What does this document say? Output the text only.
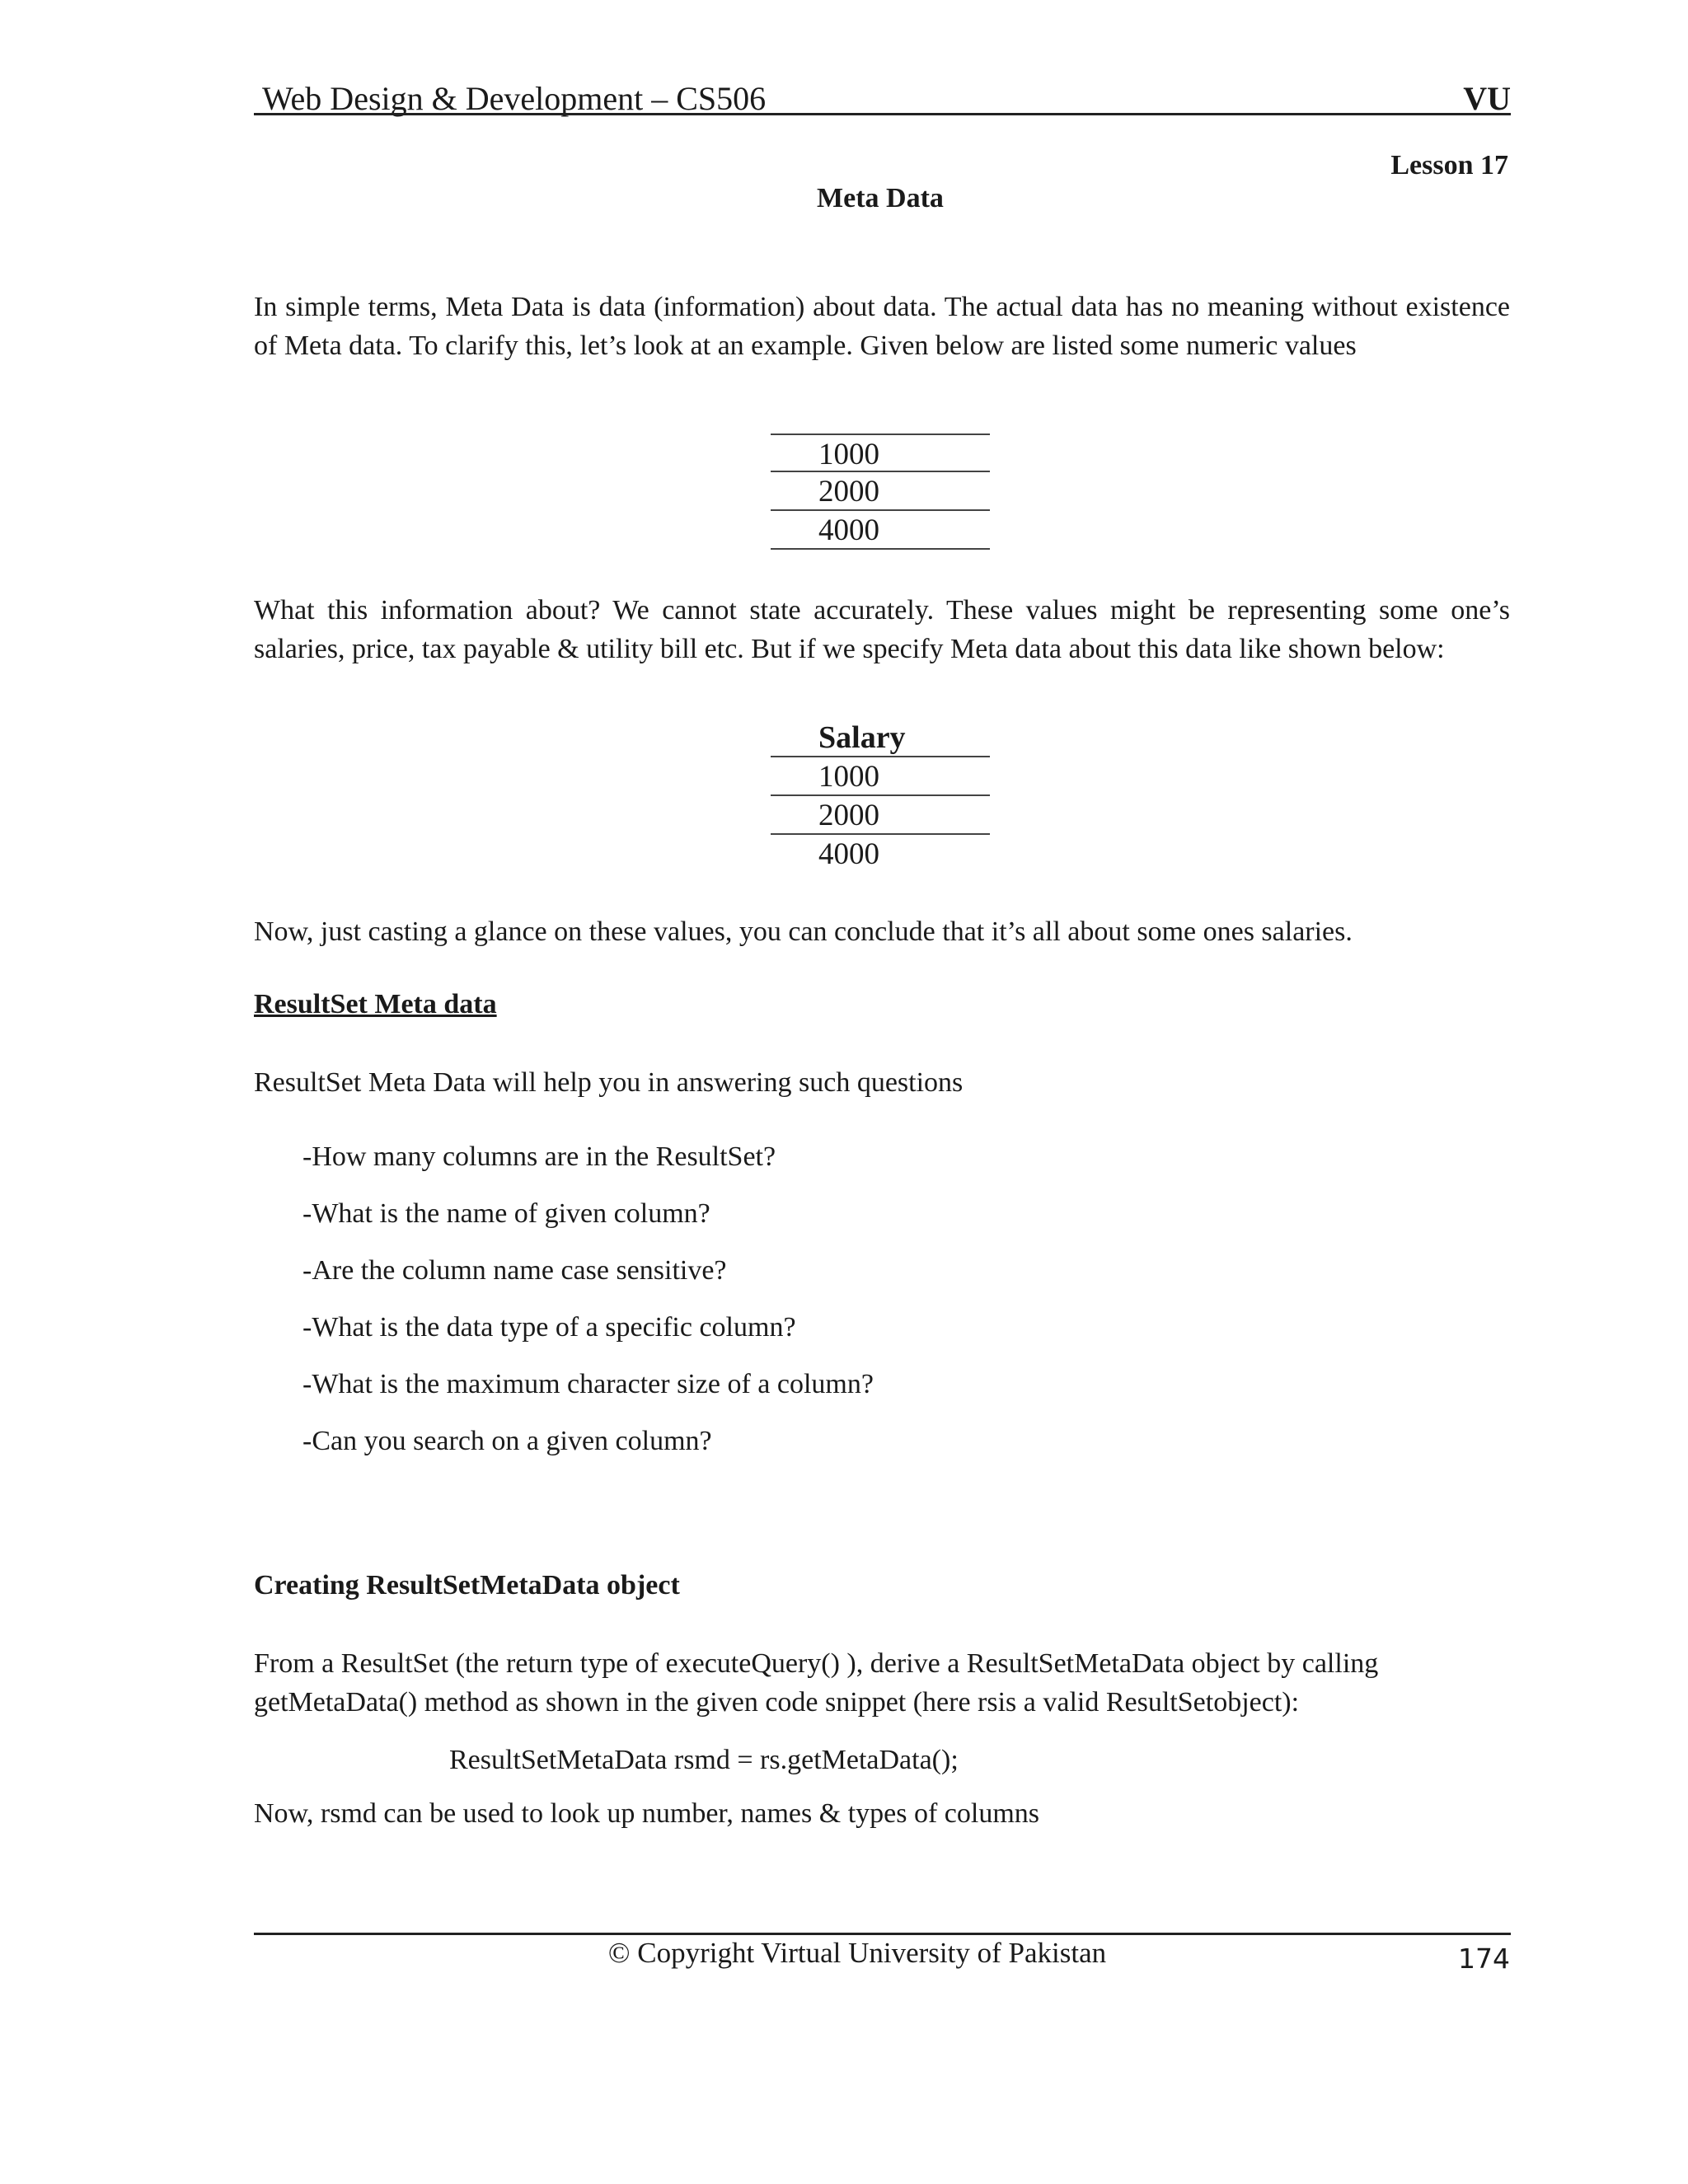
Web Design & Development – CS506	VU
Lesson 17
Meta Data
In simple terms, Meta Data is data (information) about data. The actual data has no meaning without existence of Meta data. To clarify this, let’s look at an example. Given below are listed some numeric values
1000
2000
4000
What this information about? We cannot state accurately. These values might be representing some one’s salaries, price, tax payable & utility bill etc. But if we specify Meta data about this data like shown below:
Salary
1000
2000
4000
Now, just casting a glance on these values, you can conclude that it’s all about some ones salaries.
ResultSet Meta data
ResultSet Meta Data will help you in answering such questions
-How many columns are in the ResultSet?
-What is the name of given column?
-Are the column name case sensitive?
-What is the data type of a specific column?
-What is the maximum character size of a column?
-Can you search on a given column?
Creating ResultSetMetaData object
From a ResultSet (the return type of executeQuery() ), derive a ResultSetMetaData object by calling getMetaData() method as shown in the given code snippet (here rsis a valid ResultSetobject):
ResultSetMetaData rsmd = rs.getMetaData();
Now, rsmd can be used to look up number, names & types of columns
© Copyright Virtual University of Pakistan	174
